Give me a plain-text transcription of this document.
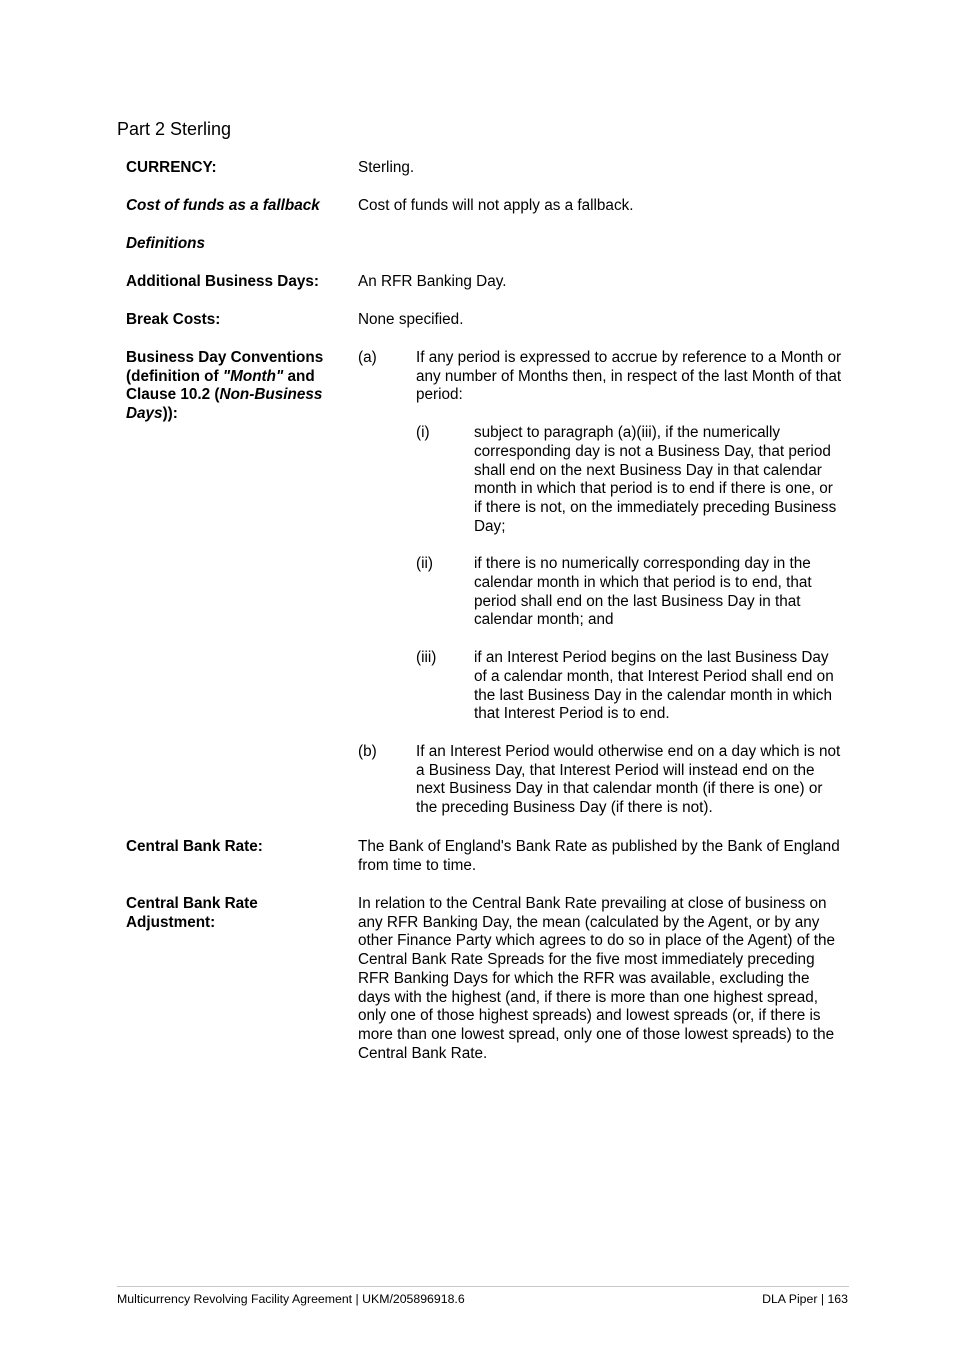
Part 2 Sterling
CURRENCY:	Sterling.
Cost of funds as a fallback	Cost of funds will not apply as a fallback.
Definitions
Additional Business Days:	An RFR Banking Day.
Break Costs:	None specified.
Business Day Conventions (definition of "Month" and Clause 10.2 (Non-Business Days)):
(a)	If any period is expressed to accrue by reference to a Month or any number of Months then, in respect of the last Month of that period:
(i)	subject to paragraph (a)(iii), if the numerically corresponding day is not a Business Day, that period shall end on the next Business Day in that calendar month in which that period is to end if there is one, or if there is not, on the immediately preceding Business Day;
(ii)	if there is no numerically corresponding day in the calendar month in which that period is to end, that period shall end on the last Business Day in that calendar month; and
(iii) if an Interest Period begins on the last Business Day of a calendar month, that Interest Period shall end on the last Business Day in the calendar month in which that Interest Period is to end.
(b)	If an Interest Period would otherwise end on a day which is not a Business Day, that Interest Period will instead end on the next Business Day in that calendar month (if there is one) or the preceding Business Day (if there is not).
Central Bank Rate:	The Bank of England's Bank Rate as published by the Bank of England from time to time.
Central Bank Rate Adjustment:
In relation to the Central Bank Rate prevailing at close of business on any RFR Banking Day, the mean (calculated by the Agent, or by any other Finance Party which agrees to do so in place of the Agent) of the Central Bank Rate Spreads for the five most immediately preceding RFR Banking Days for which the RFR was available, excluding the days with the highest (and, if there is more than one highest spread, only one of those highest spreads) and lowest spreads (or, if there is more than one lowest spread, only one of those lowest spreads) to the Central Bank Rate.
Multicurrency Revolving Facility Agreement | UKM/205896918.6	DLA Piper | 163
